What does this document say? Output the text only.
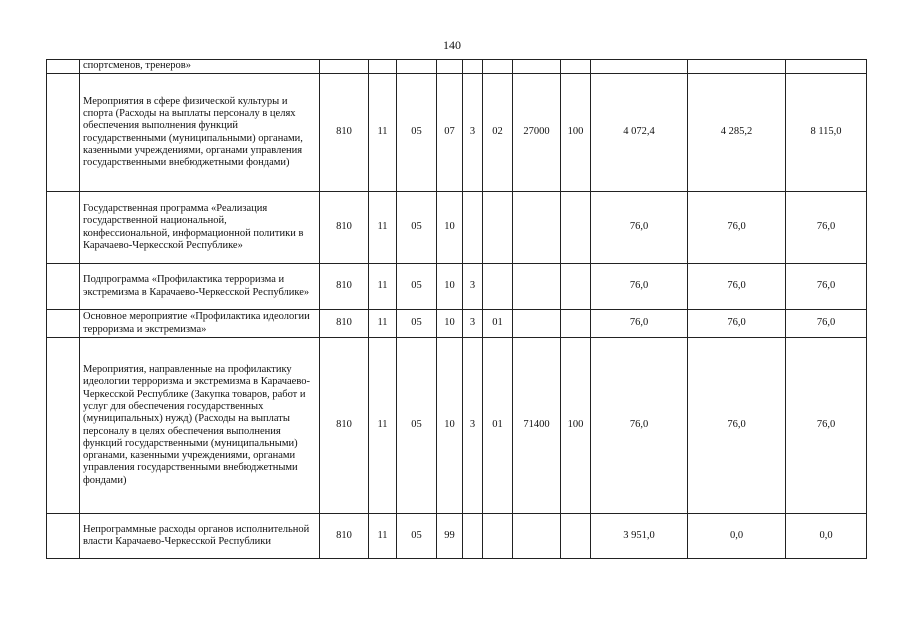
140
	спортсменов, тренеров»											
	Мероприятия в сфере физической культуры и спорта (Расходы на выплаты персоналу в целях обеспечения выполнения функций государственными (муниципальными) органами, казенными учреждениями, органами управления государственными внебюджетными фондами)	810	11	05	07	3	02	27000	100	4 072,4	4 285,2	8 115,0
	Государственная программа «Реализация государственной национальной, конфессиональной, информационной политики в Карачаево-Черкесской Республике»	810	11	05	10					76,0	76,0	76,0
	Подпрограмма «Профилактика терроризма и экстремизма в Карачаево-Черкесской Республике»	810	11	05	10	3				76,0	76,0	76,0
	Основное мероприятие «Профилактика идеологии терроризма и экстремизма»	810	11	05	10	3	01			76,0	76,0	76,0
	Мероприятия, направленные на профилактику идеологии терроризма и экстремизма в Карачаево-Черкесской Республике (Закупка товаров, работ и услуг для обеспечения государственных (муниципальных) нужд) (Расходы на выплаты персоналу в целях обеспечения выполнения функций государственными (муниципальными) органами, казенными учреждениями, органами управления государственными внебюджетными фондами)	810	11	05	10	3	01	71400	100	76,0	76,0	76,0
	Непрограммные расходы органов исполнительной власти Карачаево-Черкесской Республики	810	11	05	99					3 951,0	0,0	0,0
